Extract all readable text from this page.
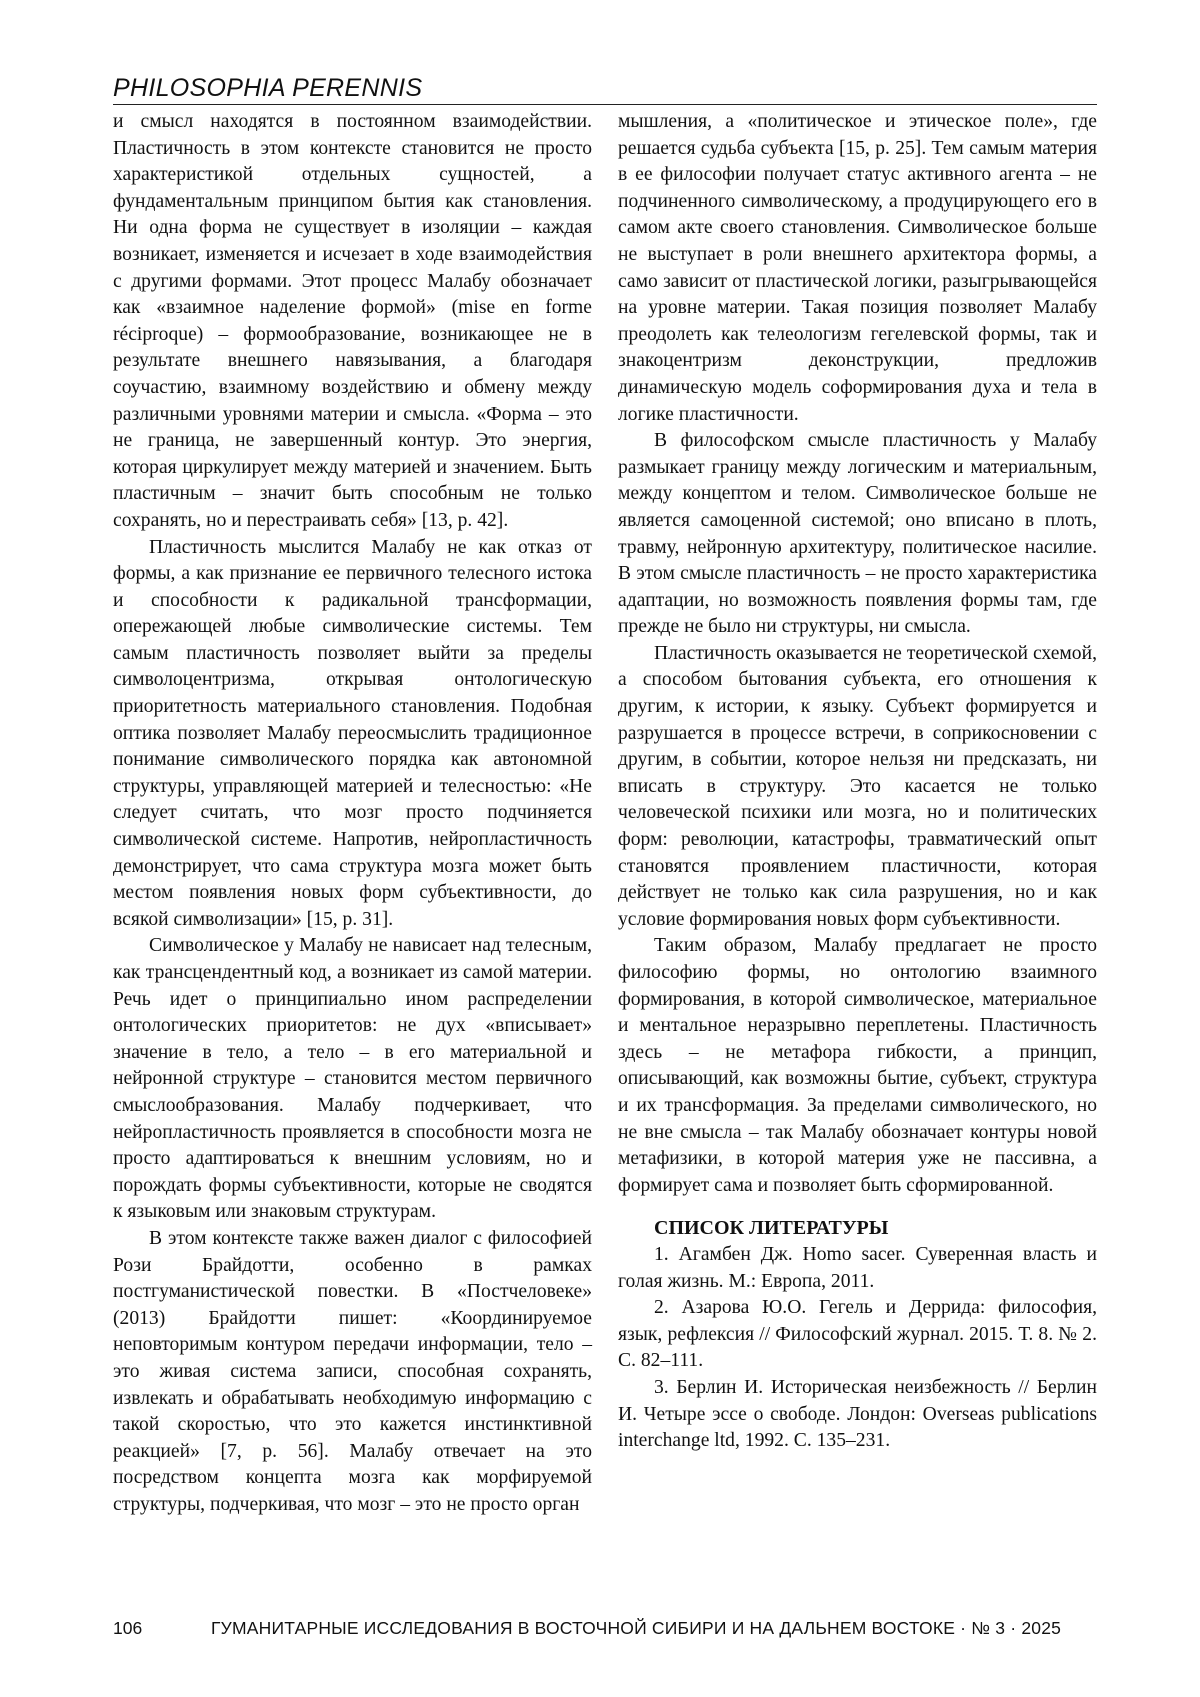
PHILOSOPHIA PERENNIS

и смысл находятся в постоянном взаимодействии. Пластичность в этом контексте становится не просто характеристикой отдельных сущностей, а фундаментальным принципом бытия как становления. Ни одна форма не существует в изоляции – каждая возникает, изменяется и исчезает в ходе взаимодействия с другими формами. Этот процесс Малабу обозначает как «взаимное наделение формой» (mise en forme réciproque) – формообразование, возникающее не в результате внешнего навязывания, а благодаря соучастию, взаимному воздействию и обмену между различными уровнями материи и смысла. «Форма – это не граница, не завершенный контур. Это энергия, которая циркулирует между материей и значением. Быть пластичным – значит быть способным не только сохранять, но и перестраивать себя» [13, p. 42].

Пластичность мыслится Малабу не как отказ от формы, а как признание ее первичного телесного истока и способности к радикальной трансформации, опережающей любые символические системы. Тем самым пластичность позволяет выйти за пределы символоцентризма, открывая онтологическую приоритетность материального становления. Подобная оптика позволяет Малабу переосмыслить традиционное понимание символического порядка как автономной структуры, управляющей материей и телесностью: «Не следует считать, что мозг просто подчиняется символической системе. Напротив, нейропластичность демонстрирует, что сама структура мозга может быть местом появления новых форм субъективности, до всякой символизации» [15, p. 31].

Символическое у Малабу не нависает над телесным, как трансцендентный код, а возникает из самой материи. Речь идет о принципиально ином распределении онтологических приоритетов: не дух «вписывает» значение в тело, а тело – в его материальной и нейронной структуре – становится местом первичного смыслообразования. Малабу подчеркивает, что нейропластичность проявляется в способности мозга не просто адаптироваться к внешним условиям, но и порождать формы субъективности, которые не сводятся к языковым или знаковым структурам.

В этом контексте также важен диалог с философией Рози Брайдотти, особенно в рамках постгуманистической повестки. В «Постчеловеке» (2013) Брайдотти пишет: «Координируемое неповторимым контуром передачи информации, тело – это живая система записи, способная сохранять, извлекать и обрабатывать необходимую информацию с такой скоростью, что это кажется инстинктивной реакцией» [7, p. 56]. Малабу отвечает на это посредством концепта мозга как морфируемой структуры, подчеркивая, что мозг – это не просто орган

мышления, а «политическое и этическое поле», где решается судьба субъекта [15, p. 25]. Тем самым материя в ее философии получает статус активного агента – не подчиненного символическому, а продуцирующего его в самом акте своего становления. Символическое больше не выступает в роли внешнего архитектора формы, а само зависит от пластической логики, разыгрывающейся на уровне материи. Такая позиция позволяет Малабу преодолеть как телеологизм гегелевской формы, так и знакоцентризм деконструкции, предложив динамическую модель соформирования духа и тела в логике пластичности.

В философском смысле пластичность у Малабу размыкает границу между логическим и материальным, между концептом и телом. Символическое больше не является самоценной системой; оно вписано в плоть, травму, нейронную архитектуру, политическое насилие. В этом смысле пластичность – не просто характеристика адаптации, но возможность появления формы там, где прежде не было ни структуры, ни смысла.

Пластичность оказывается не теоретической схемой, а способом бытования субъекта, его отношения к другим, к истории, к языку. Субъект формируется и разрушается в процессе встречи, в соприкосновении с другим, в событии, которое нельзя ни предсказать, ни вписать в структуру. Это касается не только человеческой психики или мозга, но и политических форм: революции, катастрофы, травматический опыт становятся проявлением пластичности, которая действует не только как сила разрушения, но и как условие формирования новых форм субъективности.

Таким образом, Малабу предлагает не просто философию формы, но онтологию взаимного формирования, в которой символическое, материальное и ментальное неразрывно переплетены. Пластичность здесь – не метафора гибкости, а принцип, описывающий, как возможны бытие, субъект, структура и их трансформация. За пределами символического, но не вне смысла – так Малабу обозначает контуры новой метафизики, в которой материя уже не пассивна, а формирует сама и позволяет быть сформированной.

СПИСОК ЛИТЕРАТУРЫ

1. Агамбен Дж. Homo sacer. Суверенная власть и голая жизнь. М.: Европа, 2011.

2. Азарова Ю.О. Гегель и Деррида: философия, язык, рефлексия // Философский журнал. 2015. Т. 8. № 2. С. 82–111.

3. Берлин И. Историческая неизбежность // Берлин И. Четыре эссе о свободе. Лондон: Overseas publications interchange ltd, 1992. С. 135–231.

106	ГУМАНИТАРНЫЕ ИССЛЕДОВАНИЯ В ВОСТОЧНОЙ СИБИРИ И НА ДАЛЬНЕМ ВОСТОКЕ · № 3 · 2025
